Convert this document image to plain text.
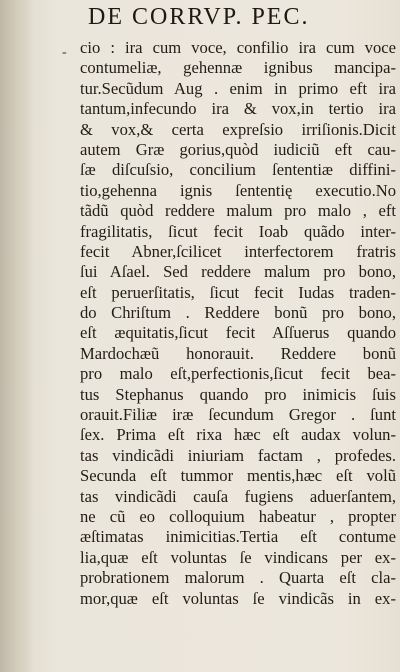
DE CORRVP. PEC.
- cio : ira cum voce, confilio ira cum voce
contumeliæ, gehennæ ignibus mancipa-
tur.Secũdum Aug . enim in primo eft ira
tantum,infecundo ira & vox,in tertio ira
& vox,& certa expreſsio irriſionis.Dicit
autem Græ gorius,quòd iudiciũ eft cau-
ſæ diſcuſsio, concilium ſententiæ diffini-
tio,gehenna ignis ſententię executio.No
tãdũ quòd reddere malum pro malo , eft
fragilitatis, ſicut fecit Ioab quãdo inter-
fecit Abner,ſcilicet interfectorem fratris
ſui Aſael. Sed reddere malum pro bono,
eſt peruerſitatis, ſicut fecit Iudas traden-
do Chriſtum . Reddere bonũ pro bono,
eſt æquitatis,ſicut fecit Aſſuerus quando
Mardochæũ honorauit. Reddere bonũ
pro malo eſt,perfectionis,ſicut fecit bea-
tus Stephanus quando pro inimicis ſuis
orauit.Filiæ iræ ſecundum Gregor . ſunt
ſex. Prima eſt rixa hæc eſt audax volun-
tas vindicãdi iniuriam factam , profedes.
Secunda eſt tummor mentis,hæc eſt volũ
tas vindicãdi cauſa fugiens aduerſantem,
ne cũ eo colloquium habeatur , propter
æſtimatas inimicitias.Tertia eſt contume
lia,quæ eſt voluntas ſe vindicans per ex-
probrationem malorum . Quarta eſt cla-
mor,quæ eſt voluntas ſe vindicãs in ex-
